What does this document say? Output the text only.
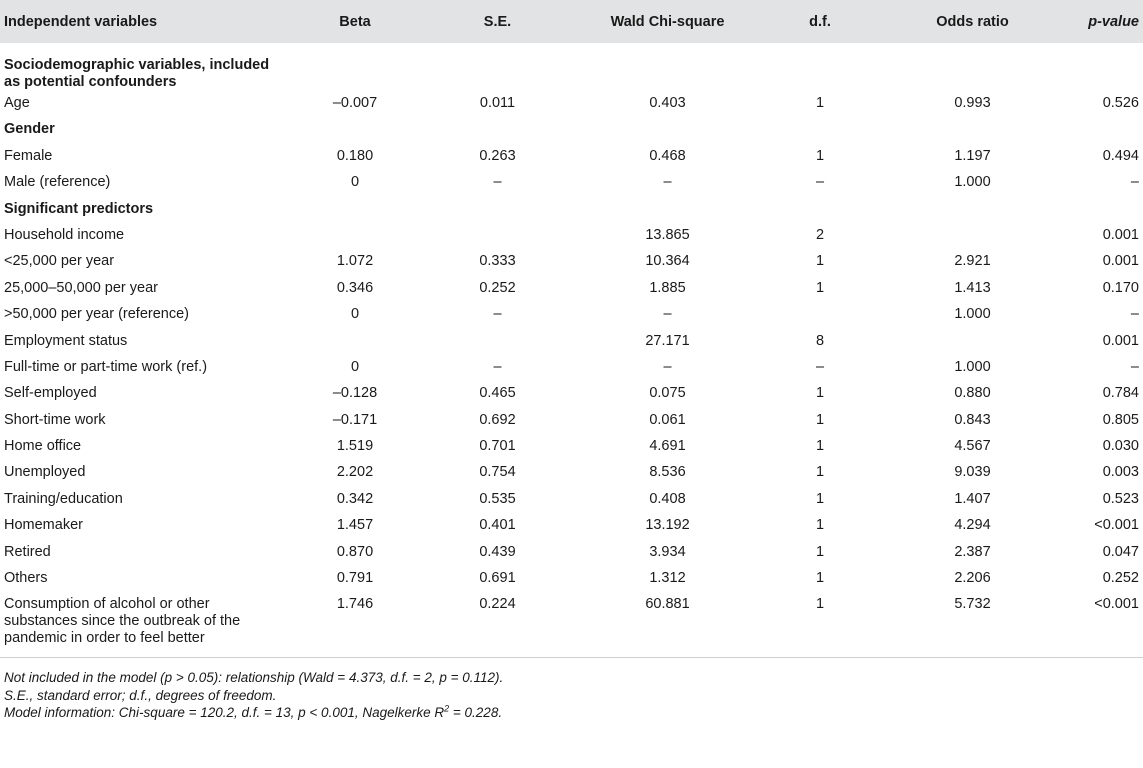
Independent variables	Beta	S.E.	Wald Chi-square	d.f.	Odds ratio	p-value
Sociodemographic variables, included as potential confounders						
Age	–0.007	0.011	0.403	1	0.993	0.526
Gender						
Female	0.180	0.263	0.468	1	1.197	0.494
Male (reference)	0	–	–	–	1.000	–
Significant predictors						
Household income			13.865	2		0.001
<25,000 per year	1.072	0.333	10.364	1	2.921	0.001
25,000–50,000 per year	0.346	0.252	1.885	1	1.413	0.170
>50,000 per year (reference)	0	–	–		1.000	–
Employment status			27.171	8		0.001
Full-time or part-time work (ref.)	0	–	–	–	1.000	–
Self-employed	–0.128	0.465	0.075	1	0.880	0.784
Short-time work	–0.171	0.692	0.061	1	0.843	0.805
Home office	1.519	0.701	4.691	1	4.567	0.030
Unemployed	2.202	0.754	8.536	1	9.039	0.003
Training/education	0.342	0.535	0.408	1	1.407	0.523
Homemaker	1.457	0.401	13.192	1	4.294	<0.001
Retired	0.870	0.439	3.934	1	2.387	0.047
Others	0.791	0.691	1.312	1	2.206	0.252
Consumption of alcohol or other substances since the outbreak of the pandemic in order to feel better	1.746	0.224	60.881	1	5.732	<0.001
Not included in the model (p > 0.05): relationship (Wald = 4.373, d.f. = 2, p = 0.112).
S.E., standard error; d.f., degrees of freedom.
Model information: Chi-square = 120.2, d.f. = 13, p < 0.001, Nagelkerke $R^2 = 0.228$.
